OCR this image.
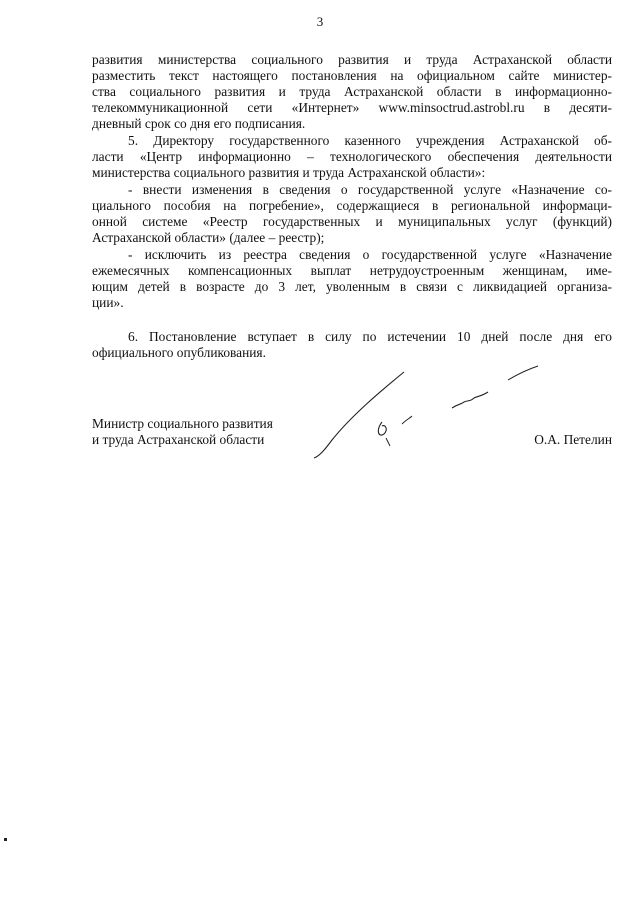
3
развития министерства социального развития и труда Астраханской области
разместить текст настоящего постановления на официальном сайте министер-
ства социального развития и труда Астраханской области в информационно-
телекоммуникационной сети «Интернет» www.minsoctrud.astrobl.ru в десяти-
дневный срок со дня его подписания.
5. Директору государственного казенного учреждения Астраханской об-
ласти «Центр информационно – технологического обеспечения деятельности
министерства социального развития и труда Астраханской области»:
- внести изменения в сведения о государственной услуге «Назначение со-
циального пособия на погребение», содержащиеся в региональной информаци-
онной системе «Реестр государственных и муниципальных услуг (функций)
Астраханской области» (далее – реестр);
- исключить из реестра сведения о государственной услуге «Назначение
ежемесячных компенсационных выплат нетрудоустроенным женщинам, име-
ющим детей в возрасте до 3 лет, уволенным в связи с ликвидацией организа-
ции».
6. Постановление вступает в силу по истечении 10 дней после дня его
официального опубликования.
Министр социального развития
и труда Астраханской области	О.А. Петелин
